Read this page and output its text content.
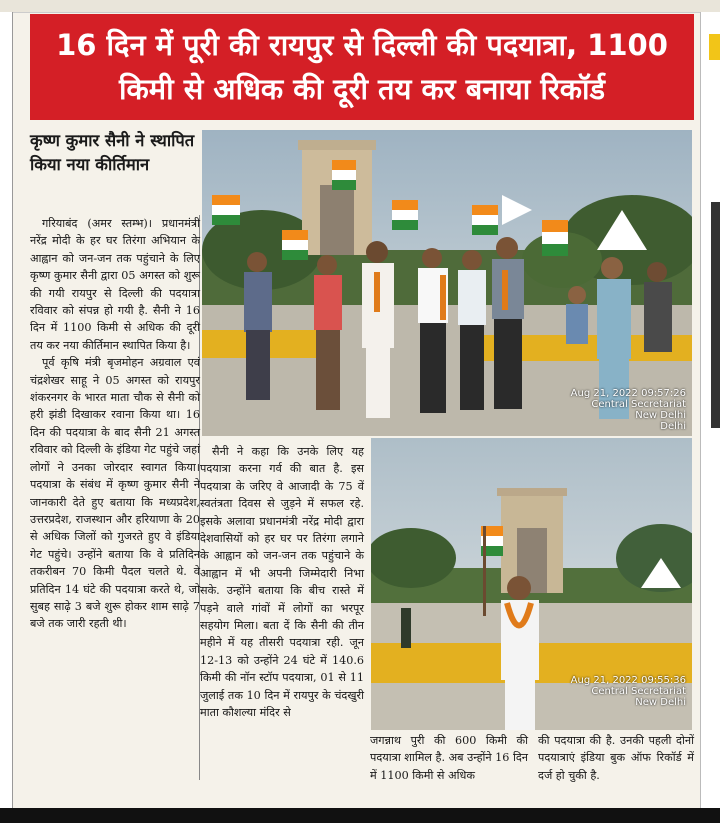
16 दिन में पूरी की रायपुर से दिल्ली की पदयात्रा, 1100 किमी से अधिक की दूरी तय कर बनाया रिकॉर्ड
कृष्ण कुमार सैनी ने स्थापित किया नया कीर्तिमान

गरियाबंद (अमर स्तम्भ)। प्रधानमंत्री नरेंद्र मोदी के हर घर तिरंगा अभियान के आह्वान को जन-जन तक पहुंचाने के लिए कृष्ण कुमार सैनी द्वारा 05 अगस्त को शुरू की गयी रायपुर से दिल्ली की पदयात्रा रविवार को संपन्न हो गयी है. सैनी ने 16 दिन में 1100 किमी से अधिक की दूरी तय कर नया कीर्तिमान स्थापित किया है।

पूर्व कृषि मंत्री बृजमोहन अग्रवाल एवं चंद्रशेखर साहू ने 05 अगस्त को रायपुर शंकरनगर के भारत माता चौक से सैनी को हरी झंडी दिखाकर रवाना किया था। 16 दिन की पदयात्रा के बाद सैनी 21 अगस्त रविवार को दिल्ली के इंडिया गेट पहुंचे जहां लोगों ने उनका जोरदार स्वागत किया। पदयात्रा के संबंध में कृष्ण कुमार सैनी ने जानकारी देते हुए बताया कि मध्यप्रदेश, उत्तरप्रदेश, राजस्थान और हरियाणा के 20 से अधिक जिलों को गुजरते हुए वे इंडिया गेट पहुंचे। उन्होंने बताया कि वे प्रतिदिन तकरीबन 70 किमी पैदल चलते थे. वे प्रतिदिन 14 घंटे की पदयात्रा करते थे, जो सुबह साढ़े 3 बजे शुरू होकर शाम साढ़े 7 बजे तक जारी रहती थी।

Aug 21, 2022 09:57:26
Central Secretariat
New Delhi
Delhi

सैनी ने कहा कि उनके लिए यह पदयात्रा करना गर्व की बात है. इस पदयात्रा के जरिए वे आजादी के 75 वें स्वतंत्रता दिवस से जुड़ने में सफल रहे. इसके अलावा प्रधानमंत्री नरेंद्र मोदी द्वारा देशवासियों को हर घर पर तिरंगा लगाने के आह्वान को जन-जन तक पहुंचाने के आह्वान में भी अपनी जिम्मेदारी निभा सके. उन्होंने बताया कि बीच रास्ते में पड़ने वाले गांवों में लोगों का भरपूर सहयोग मिला। बता दें कि सैनी की तीन महीने में यह तीसरी पदयात्रा रही. जून 12-13 को उन्होंने 24 घंटे में 140.6 किमी की नॉन स्टॉप पदयात्रा, 01 से 11 जुलाई तक 10 दिन में रायपुर के चंदखुरी माता कौशल्या मंदिर से

Aug 21, 2022 09:55:36
Central Secretariat
New Delhi

जगन्नाथ पुरी की 600 किमी की पदयात्रा शामिल है. अब उन्होंने 16 दिन में 1100 किमी से अधिक

की पदयात्रा की है. उनकी पहली दोनों पदयात्राएं इंडिया बुक ऑफ रिकॉर्ड में दर्ज हो चुकी है.
